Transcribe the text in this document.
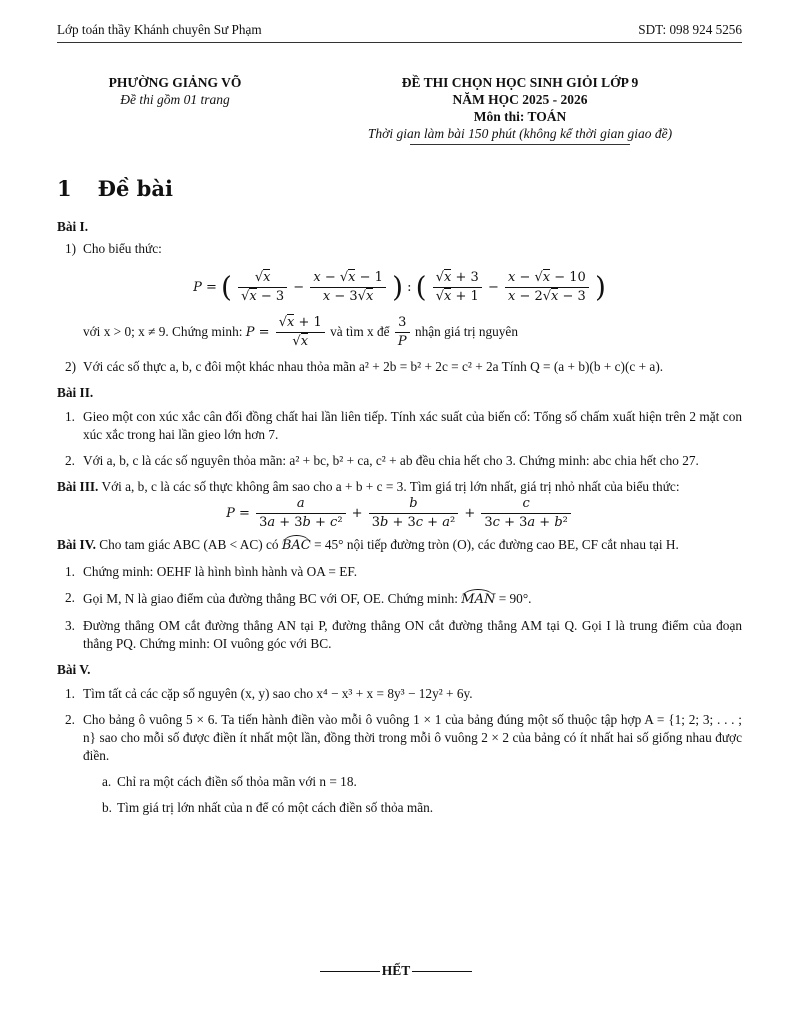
Lớp toán thầy Khánh chuyên Sư Phạm	SDT: 098 924 5256
PHƯỜNG GIẢNG VÕ
Đề thi gồm 01 trang
ĐỀ THI CHỌN HỌC SINH GIỎI LỚP 9
NĂM HỌC 2025 - 2026
Môn thi: TOÁN
Thời gian làm bài 150 phút (không kể thời gian giao đề)
1 Đề bài
Bài I.
1) Cho biểu thức:
P = ( $\frac{√x}{√x - 3} - \frac{x - √x - 1}{x - 3√x}$ ) : ( $\frac{√x + 3}{√x + 1} - \frac{x - √x - 10}{x - 2√x - 3}$ )
với x > 0; x ≠ 9. Chứng minh: $P = \frac{√x + 1}{√x}$ và tìm x để $\frac{3}{P}$ nhận giá trị nguyên
2) Với các số thực a, b, c đôi một khác nhau thỏa mãn a² + 2b = b² + 2c = c² + 2a Tính Q = (a + b)(b + c)(c + a).
Bài II.
1. Gieo một con xúc xắc cân đối đồng chất hai lần liên tiếp. Tính xác suất của biến cố: Tổng số chấm xuất hiện trên 2 mặt con xúc xắc trong hai lần gieo lớn hơn 7.
2. Với a, b, c là các số nguyên thỏa mãn: a² + bc, b² + ca, c² + ab đều chia hết cho 3. Chứng minh: abc chia hết cho 27.
Bài III. Với a, b, c là các số thực không âm sao cho a + b + c = 3. Tìm giá trị lớn nhất, giá trị nhỏ nhất của biểu thức:
$P = \frac{a}{\text{3a + 3b + c²}} + \frac{b}{\text{3b + 3c + a²}} + \frac{c}{\text{3c + 3a + b²}}$
Bài IV. Cho tam giác ABC (AB < AC) có BAC = 45° nội tiếp đường tròn (O), các đường cao BE, CF cắt nhau tại H.
1. Chứng minh: OEHF là hình bình hành và OA = EF.
2. Gọi M, N là giao điểm của đường thẳng BC với OF, OE. Chứng minh: MAN = 90°.
3. Đường thẳng OM cắt đường thẳng AN tại P, đường thẳng ON cắt đường thẳng AM tại Q. Gọi I là trung điểm của đoạn thẳng PQ. Chứng minh: OI vuông góc với BC.
Bài V.
1. Tìm tất cả các cặp số nguyên (x, y) sao cho x⁴ − x³ + x = 8y³ − 12y² + 6y.
2. Cho bảng ô vuông 5 × 6. Ta tiến hành điền vào mỗi ô vuông 1 × 1 của bảng đúng một số thuộc tập hợp A = {1; 2; 3; . . . ; n} sao cho mỗi số được điền ít nhất một lần, đồng thời trong mỗi ô vuông 2 × 2 của bảng có ít nhất hai số giống nhau được điền.
a. Chỉ ra một cách điền số thỏa mãn với n = 18.
b. Tìm giá trị lớn nhất của n để có một cách điền số thỏa mãn.
HẾT
